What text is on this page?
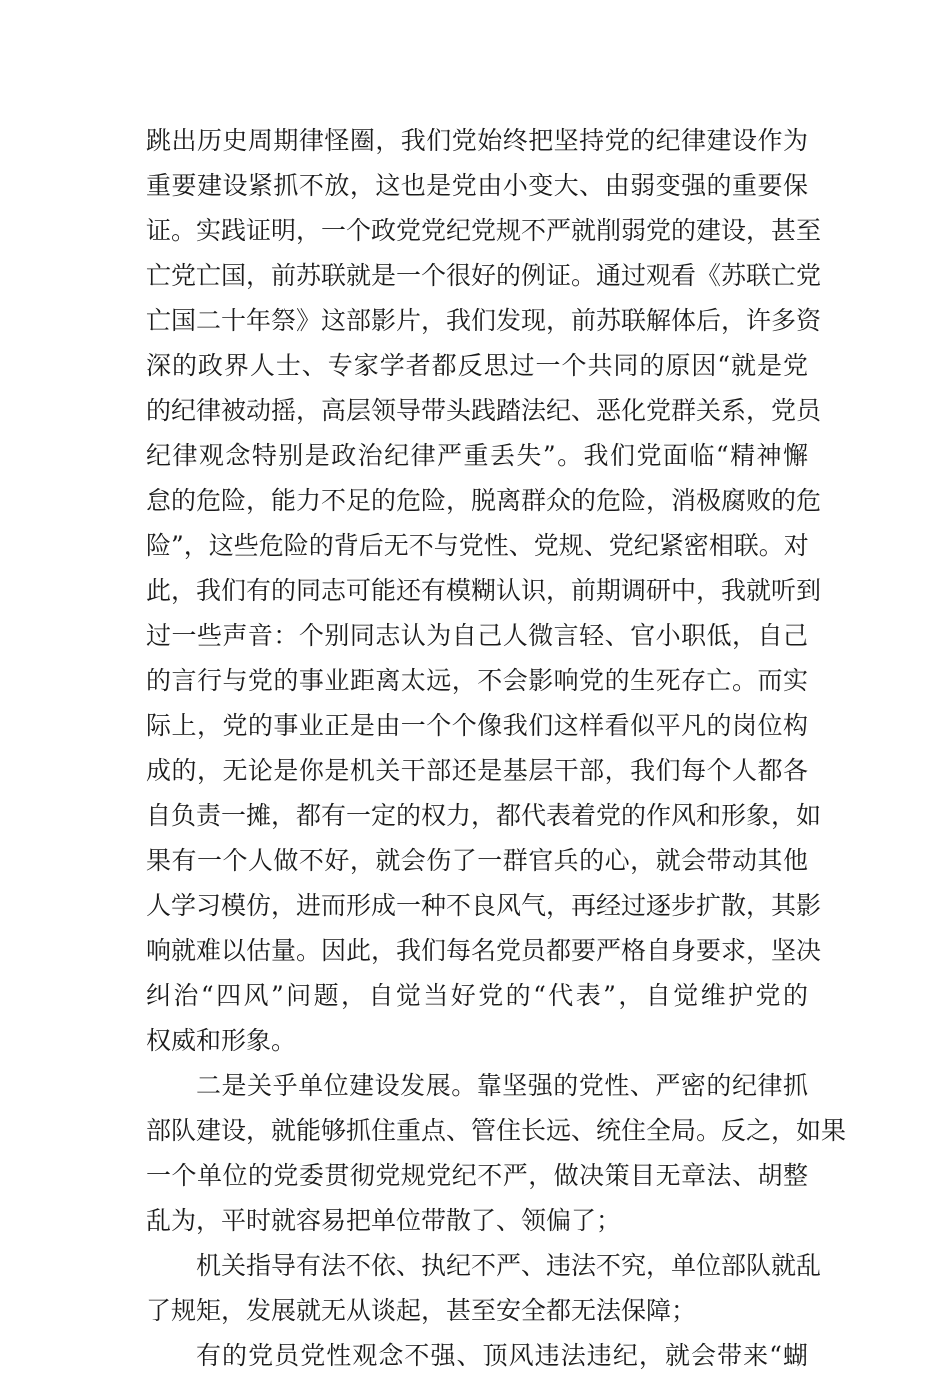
跳出历史周期律怪圈，我们党始终把坚持党的纪律建设作为
重要建设紧抓不放，这也是党由小变大、由弱变强的重要保
证。实践证明，一个政党党纪党规不严就削弱党的建设，甚至
亡党亡国，前苏联就是一个很好的例证。通过观看《苏联亡党
亡国二十年祭》这部影片，我们发现，前苏联解体后，许多资
深的政界人士、专家学者都反思过一个共同的原因“就是党
的纪律被动摇，高层领导带头践踏法纪、恶化党群关系，党员
纪律观念特别是政治纪律严重丢失”。我们党面临“精神懈
怠的危险，能力不足的危险，脱离群众的危险，消极腐败的危
险”，这些危险的背后无不与党性、党规、党纪紧密相联。对
此，我们有的同志可能还有模糊认识，前期调研中，我就听到
过一些声音：个别同志认为自己人微言轻、官小职低，自己
的言行与党的事业距离太远，不会影响党的生死存亡。而实
际上，党的事业正是由一个个像我们这样看似平凡的岗位构
成的，无论是你是机关干部还是基层干部，我们每个人都各
自负责一摊，都有一定的权力，都代表着党的作风和形象，如
果有一个人做不好，就会伤了一群官兵的心，就会带动其他
人学习模仿，进而形成一种不良风气，再经过逐步扩散，其影
响就难以估量。因此，我们每名党员都要严格自身要求，坚决
纠治“四风”问题，自觉当好党的“代表”，自觉维护党的
权威和形象。
二是关乎单位建设发展。靠坚强的党性、严密的纪律抓
部队建设，就能够抓住重点、管住长远、统住全局。反之，如果
一个单位的党委贯彻党规党纪不严，做决策目无章法、胡整
乱为，平时就容易把单位带散了、领偏了；
机关指导有法不依、执纪不严、违法不究，单位部队就乱
了规矩，发展就无从谈起，甚至安全都无法保障；
有的党员党性观念不强、顶风违法违纪，就会带来“蝴
